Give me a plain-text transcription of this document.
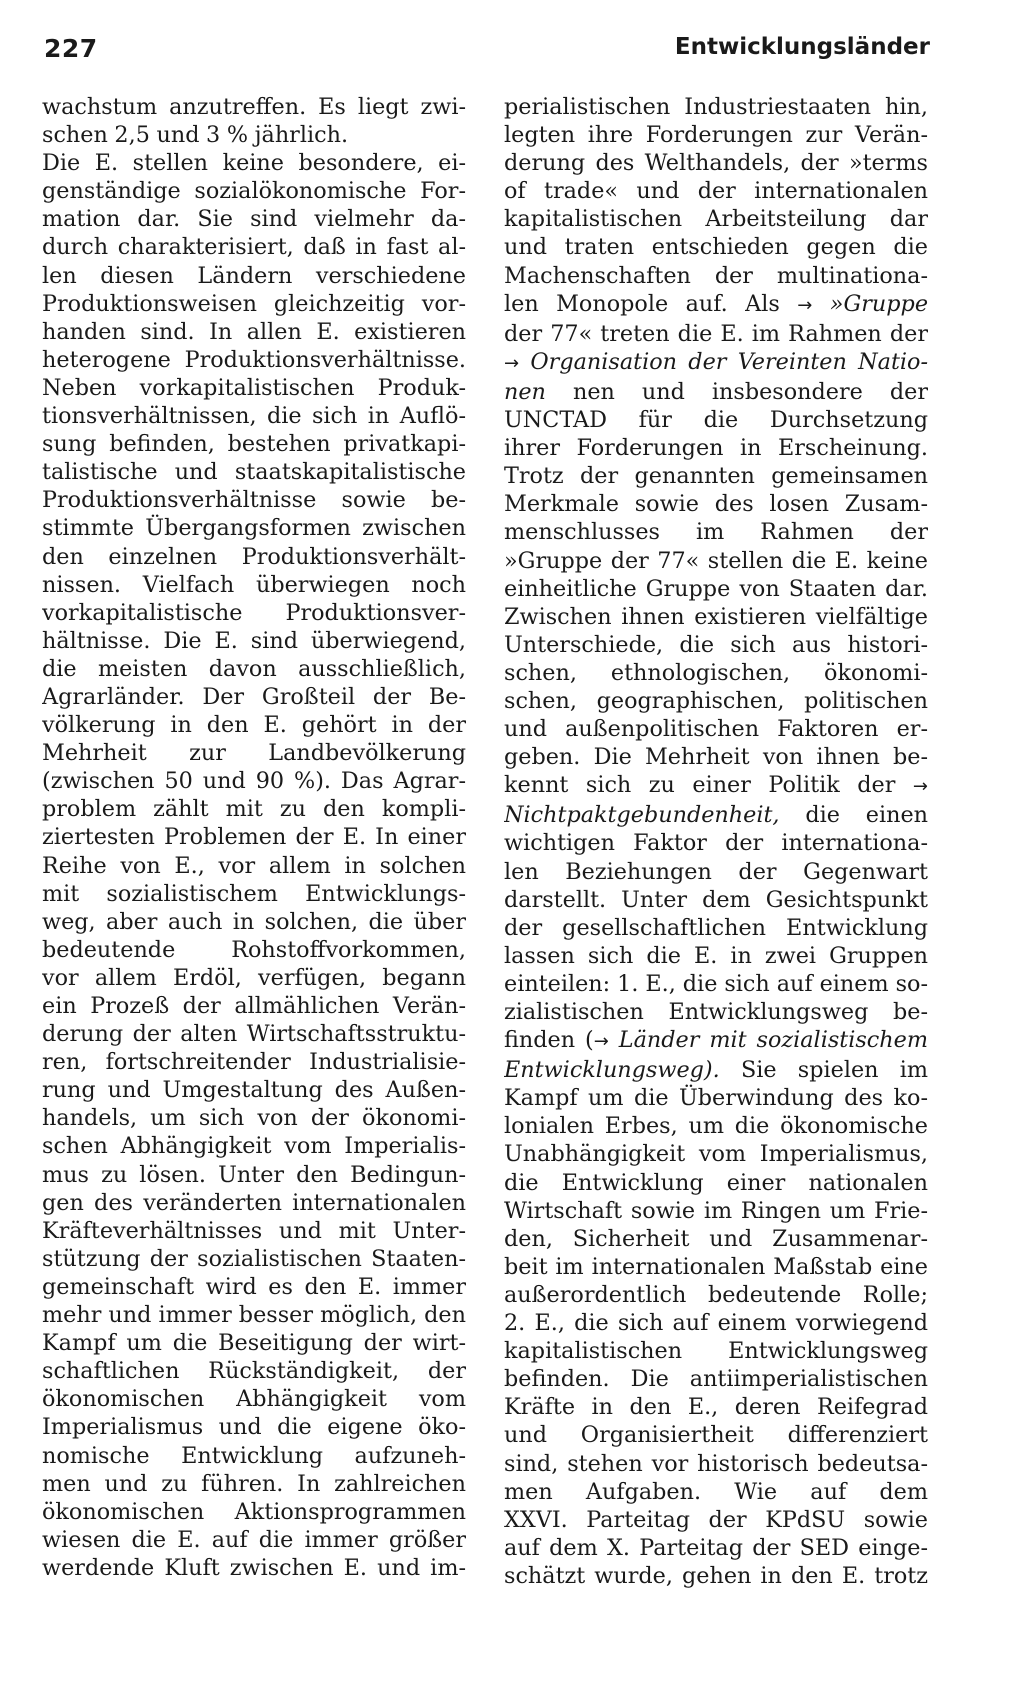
227	Entwicklungsländer
wachstum anzutreffen. Es liegt zwi-
schen 2,5 und 3 % jährlich.
Die E. stellen keine besondere, ei-
genständige sozialökonomische For-
mation dar. Sie sind vielmehr da-
durch charakterisiert, daß in fast al-
len diesen Ländern verschiedene
Produktionsweisen gleichzeitig vor-
handen sind. In allen E. existieren
heterogene Produktionsverhältnisse.
Neben vorkapitalistischen Produk-
tionsverhältnissen, die sich in Auflö-
sung befinden, bestehen privatkapi-
talistische und staatskapitalistische
Produktionsverhältnisse sowie be-
stimmte Übergangsformen zwischen
den einzelnen Produktionsverhält-
nissen. Vielfach überwiegen noch
vorkapitalistische Produktionsver-
hältnisse. Die E. sind überwiegend,
die meisten davon ausschließlich,
Agrarländer. Der Großteil der Be-
völkerung in den E. gehört in der
Mehrheit zur Landbevölkerung
(zwischen 50 und 90 %). Das Agrar-
problem zählt mit zu den kompli-
ziertesten Problemen der E. In einer
Reihe von E., vor allem in solchen
mit sozialistischem Entwicklungs-
weg, aber auch in solchen, die über
bedeutende Rohstoffvorkommen,
vor allem Erdöl, verfügen, begann
ein Prozeß der allmählichen Verän-
derung der alten Wirtschaftsstruktu-
ren, fortschreitender Industrialisie-
rung und Umgestaltung des Außen-
handels, um sich von der ökonomi-
schen Abhängigkeit vom Imperialis-
mus zu lösen. Unter den Bedingun-
gen des veränderten internationalen
Kräfteverhältnisses und mit Unter-
stützung der sozialistischen Staaten-
gemeinschaft wird es den E. immer
mehr und immer besser möglich, den
Kampf um die Beseitigung der wirt-
schaftlichen Rückständigkeit, der
ökonomischen Abhängigkeit vom
Imperialismus und die eigene öko-
nomische Entwicklung aufzuneh-
men und zu führen. In zahlreichen
ökonomischen Aktionsprogrammen
wiesen die E. auf die immer größer
werdende Kluft zwischen E. und im-
perialistischen Industriestaaten hin,
legten ihre Forderungen zur Verän-
derung des Welthandels, der »terms
of trade« und der internationalen
kapitalistischen Arbeitsteilung dar
und traten entschieden gegen die
Machenschaften der multinationa-
len Monopole auf. Als → »Gruppe
der 77« treten die E. im Rahmen der
→ Organisation der Vereinten Natio-
nen nen und insbesondere der
UNCTAD für die Durchsetzung
ihrer Forderungen in Erscheinung.
Trotz der genannten gemeinsamen
Merkmale sowie des losen Zusam-
menschlusses im Rahmen der
»Gruppe der 77« stellen die E. keine
einheitliche Gruppe von Staaten dar.
Zwischen ihnen existieren vielfältige
Unterschiede, die sich aus histori-
schen, ethnologischen, ökonomi-
schen, geographischen, politischen
und außenpolitischen Faktoren er-
geben. Die Mehrheit von ihnen be-
kennt sich zu einer Politik der →
Nichtpaktgebundenheit, die einen
wichtigen Faktor der internationa-
len Beziehungen der Gegenwart
darstellt. Unter dem Gesichtspunkt
der gesellschaftlichen Entwicklung
lassen sich die E. in zwei Gruppen
einteilen: 1. E., die sich auf einem so-
zialistischen Entwicklungsweg be-
finden (→ Länder mit sozialistischem
Entwicklungsweg). Sie spielen im
Kampf um die Überwindung des ko-
lonialen Erbes, um die ökonomische
Unabhängigkeit vom Imperialismus,
die Entwicklung einer nationalen
Wirtschaft sowie im Ringen um Frie-
den, Sicherheit und Zusammenar-
beit im internationalen Maßstab eine
außerordentlich bedeutende Rolle;
2. E., die sich auf einem vorwiegend
kapitalistischen Entwicklungsweg
befinden. Die antiimperialistischen
Kräfte in den E., deren Reifegrad
und Organisiertheit differenziert
sind, stehen vor historisch bedeutsa-
men Aufgaben. Wie auf dem
XXVI. Parteitag der KPdSU sowie
auf dem X. Parteitag der SED einge-
schätzt wurde, gehen in den E. trotz
